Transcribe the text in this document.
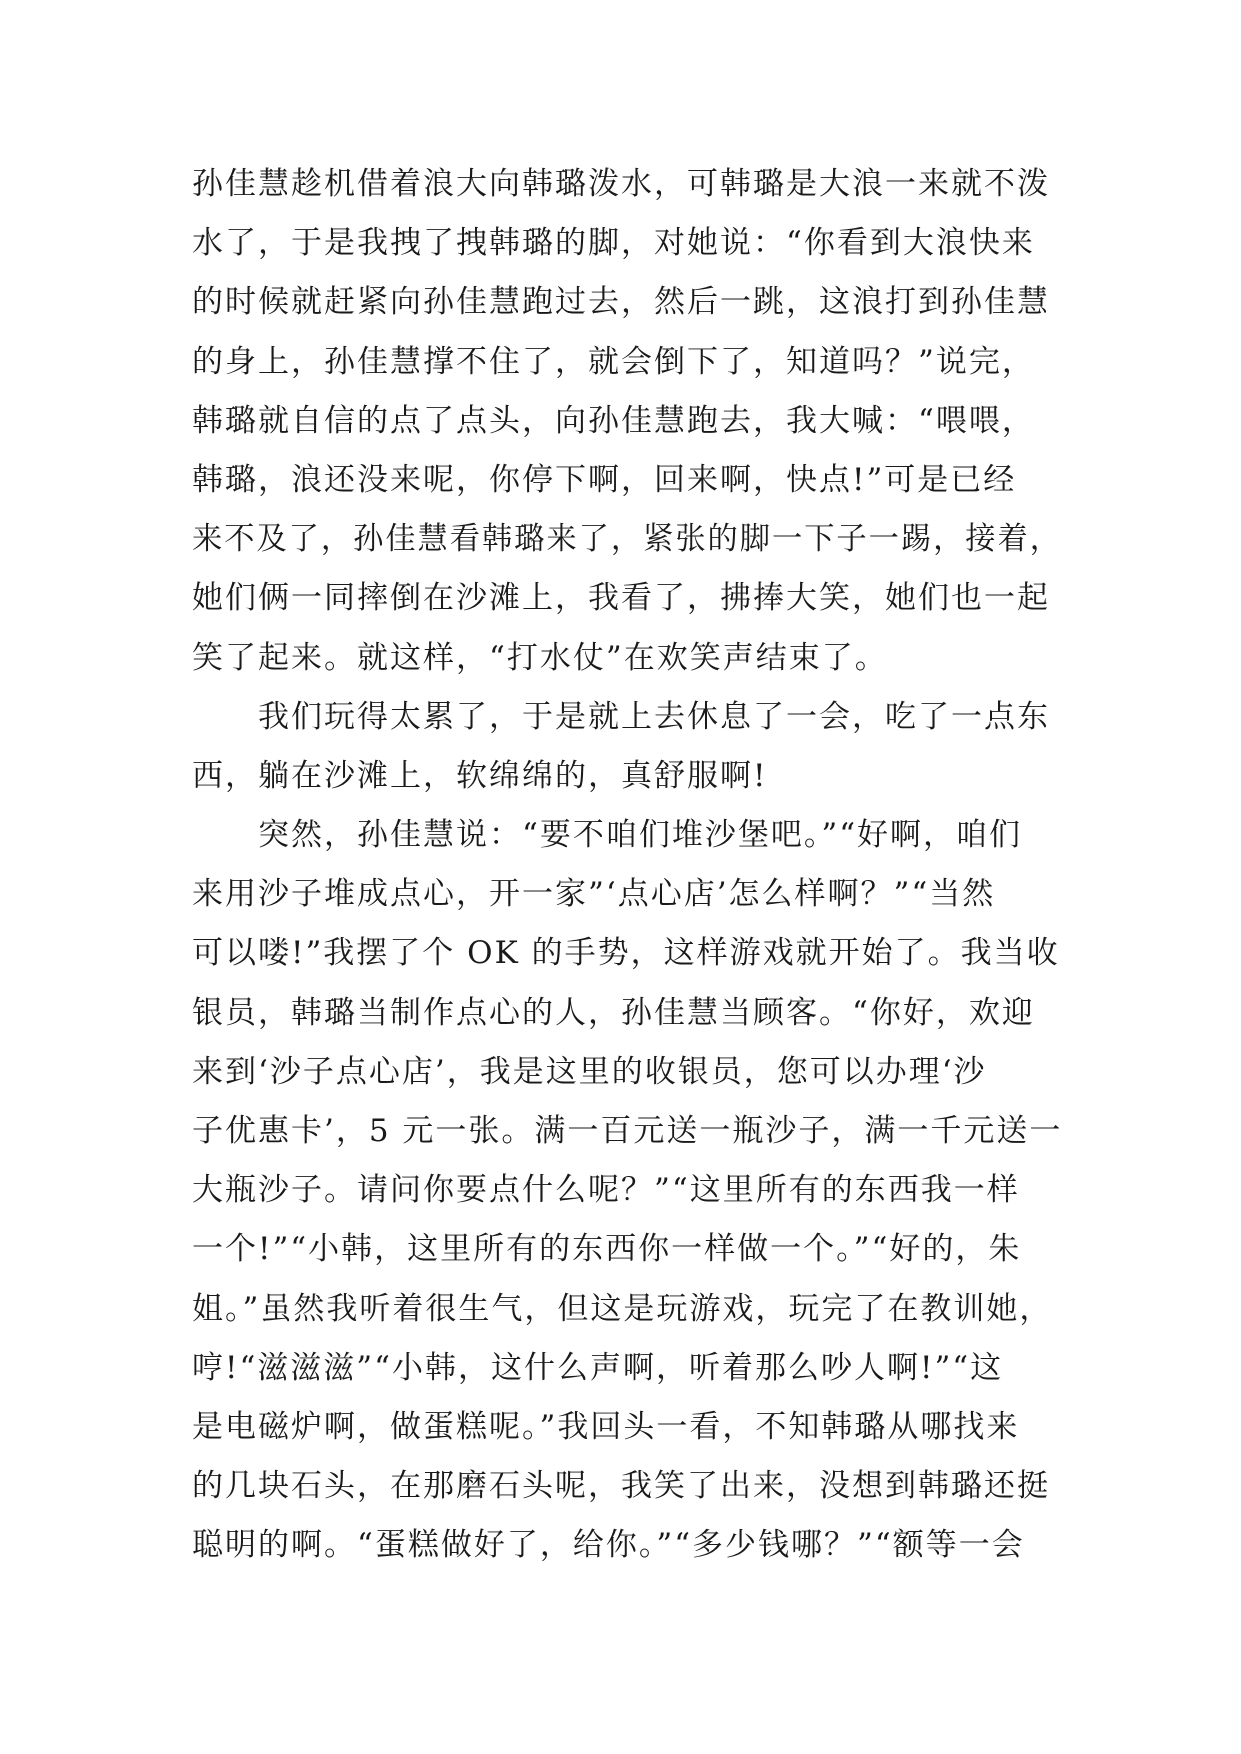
孙佳慧趁机借着浪大向韩璐泼水，可韩璐是大浪一来就不泼
水了，于是我拽了拽韩璐的脚，对她说：“你看到大浪快来
的时候就赶紧向孙佳慧跑过去，然后一跳，这浪打到孙佳慧
的身上，孙佳慧撑不住了，就会倒下了，知道吗？”说完，
韩璐就自信的点了点头，向孙佳慧跑去，我大喊：“喂喂，
韩璐，浪还没来呢，你停下啊，回来啊，快点!”可是已经
来不及了，孙佳慧看韩璐来了，紧张的脚一下子一踢，接着，
她们俩一同摔倒在沙滩上，我看了，拂捧大笑，她们也一起
笑了起来。就这样，“打水仗”在欢笑声结束了。
我们玩得太累了，于是就上去休息了一会，吃了一点东
西，躺在沙滩上，软绵绵的，真舒服啊!
突然，孙佳慧说：“要不咱们堆沙堡吧。”“好啊，咱们
来用沙子堆成点心，开一家”‘点心店’怎么样啊？”“当然
可以喽!”我摆了个 OK 的手势，这样游戏就开始了。我当收
银员，韩璐当制作点心的人，孙佳慧当顾客。“你好，欢迎
来到‘沙子点心店’，我是这里的收银员，您可以办理‘沙
子优惠卡’，5 元一张。满一百元送一瓶沙子，满一千元送一
大瓶沙子。请问你要点什么呢？”“这里所有的东西我一样
一个!”“小韩，这里所有的东西你一样做一个。”“好的，朱
姐。”虽然我听着很生气，但这是玩游戏，玩完了在教训她，
哼!“滋滋滋”“小韩，这什么声啊，听着那么吵人啊!”“这
是电磁炉啊，做蛋糕呢。”我回头一看，不知韩璐从哪找来
的几块石头，在那磨石头呢，我笑了出来，没想到韩璐还挺
聪明的啊。“蛋糕做好了，给你。”“多少钱哪？”“额等一会
